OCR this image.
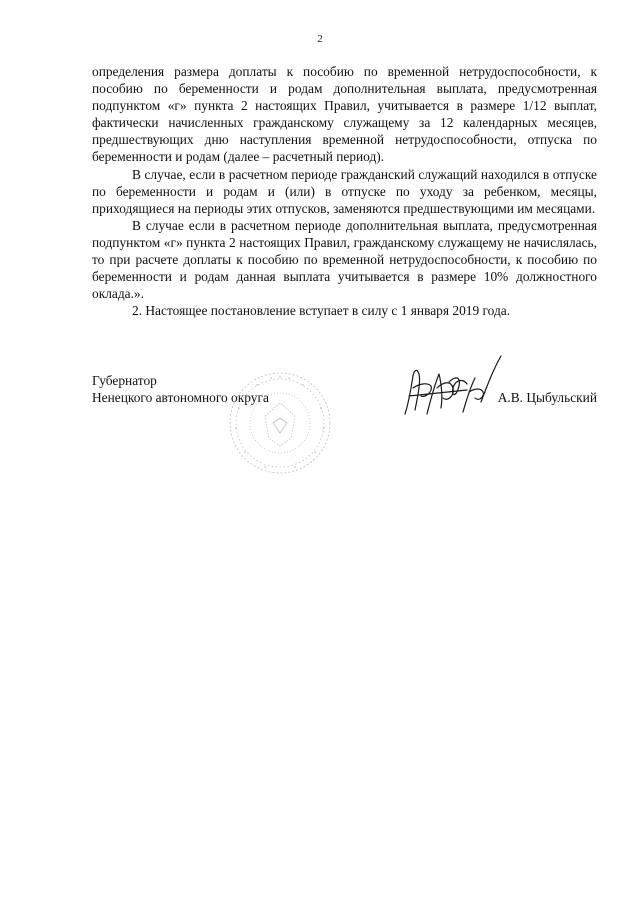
2

определения размера доплаты к пособию по временной нетрудоспособности, к пособию по беременности и родам дополнительная выплата, предусмотренная подпунктом «г» пункта 2 настоящих Правил, учитывается в размере 1/12 выплат, фактически начисленных гражданскому служащему за 12 календарных месяцев, предшествующих дню наступления временной нетрудоспособности, отпуска по беременности и родам (далее – расчетный период).

В случае, если в расчетном периоде гражданский служащий находился в отпуске по беременности и родам и (или) в отпуске по уходу за ребенком, месяцы, приходящиеся на периоды этих отпусков, заменяются предшествующими им месяцами.

В случае если в расчетном периоде дополнительная выплата, предусмотренная подпунктом «г» пункта 2 настоящих Правил, гражданскому служащему не начислялась, то при расчете доплаты к пособию по временной нетрудоспособности, к пособию по беременности и родам данная выплата учитывается в размере 10% должностного оклада.».

2. Настоящее постановление вступает в силу с 1 января 2019 года.

Губернатор
Ненецкого автономного округа	А.В. Цыбульский
